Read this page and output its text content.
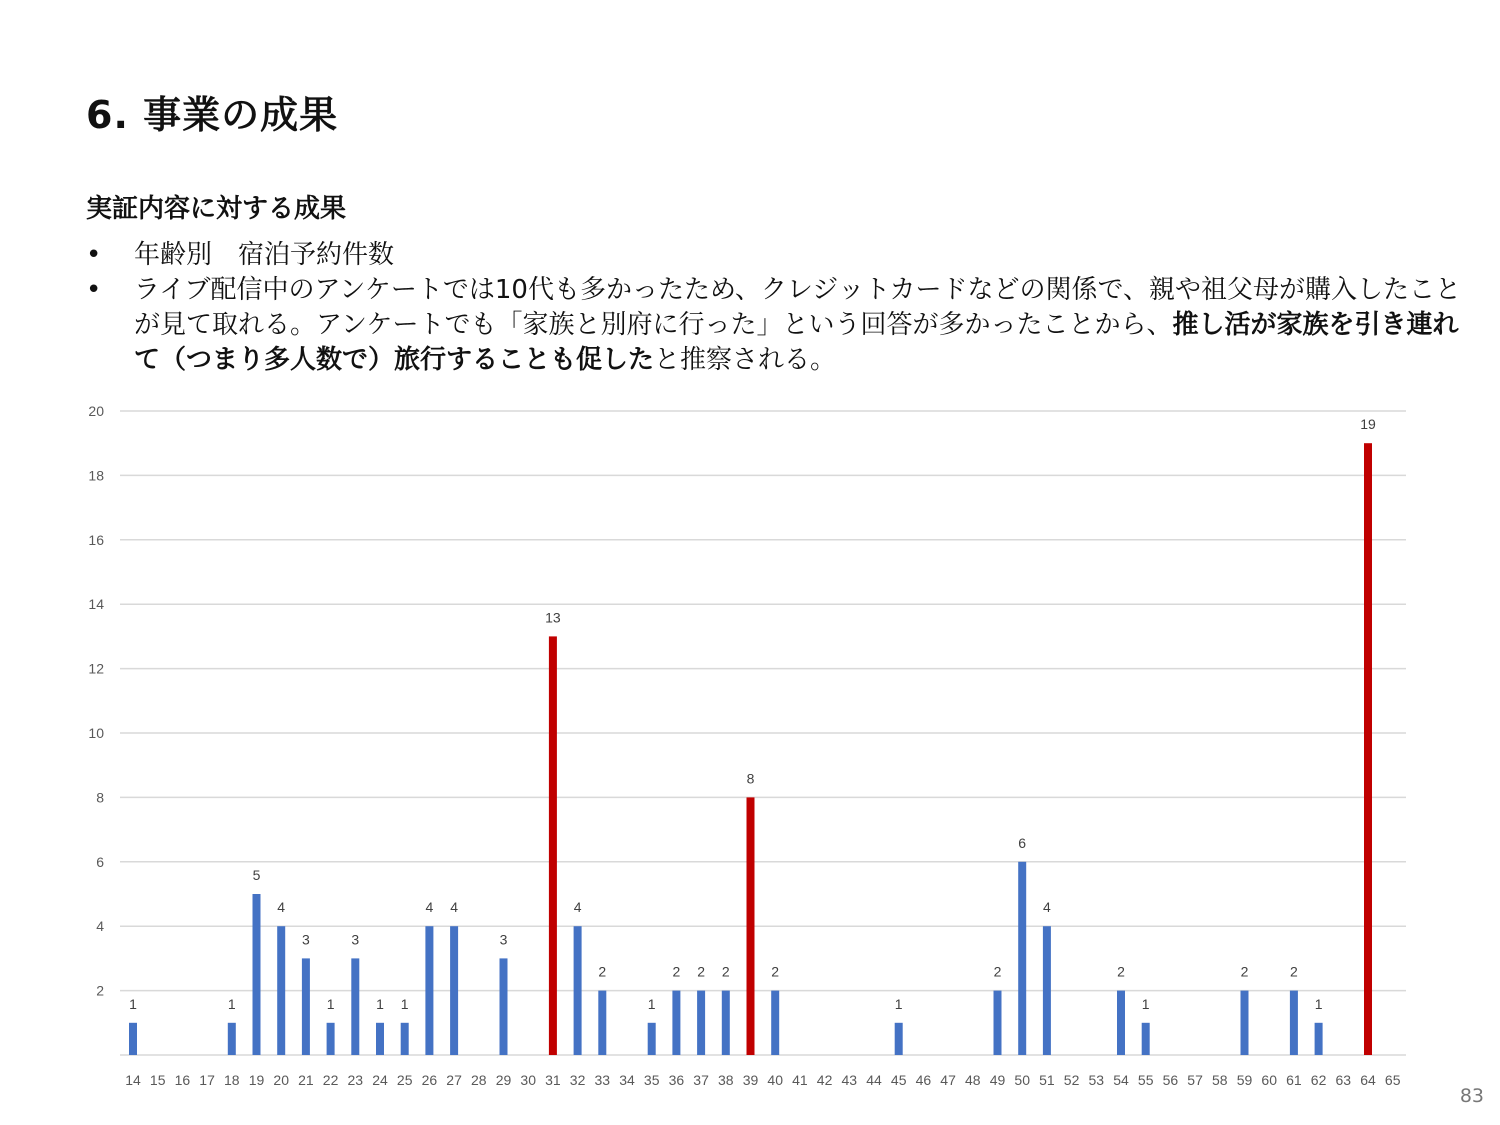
6. 事業の成果
実証内容に対する成果
• 年齢別　宿泊予約件数
• ライブ配信中のアンケートでは10代も多かったため、クレジットカードなどの関係で、親や祖父母が購入したことが見て取れる。アンケートでも「家族と別府に行った」という回答が多かったことから、推し活が家族を引き連れて（つまり多人数で）旅行することも促したと推察される。
2
4
6
8
10
12
14
16
18
20
1
14 15 16 17
1
18
5
19
4
20
3
21
1
22
3
23
1
24
1
25
4
26
4
27 28
3
29 30
13
31
4
32
2
33 34
1
35
2
36
2
37
2
38
8
39
2
40 41 42 43 44
1
45 46 47 48
2
49
6
50
4
51 52 53
2
54
1
55 56 57 58
2
59 60
2
61
1
62 63
19
64 65
83
